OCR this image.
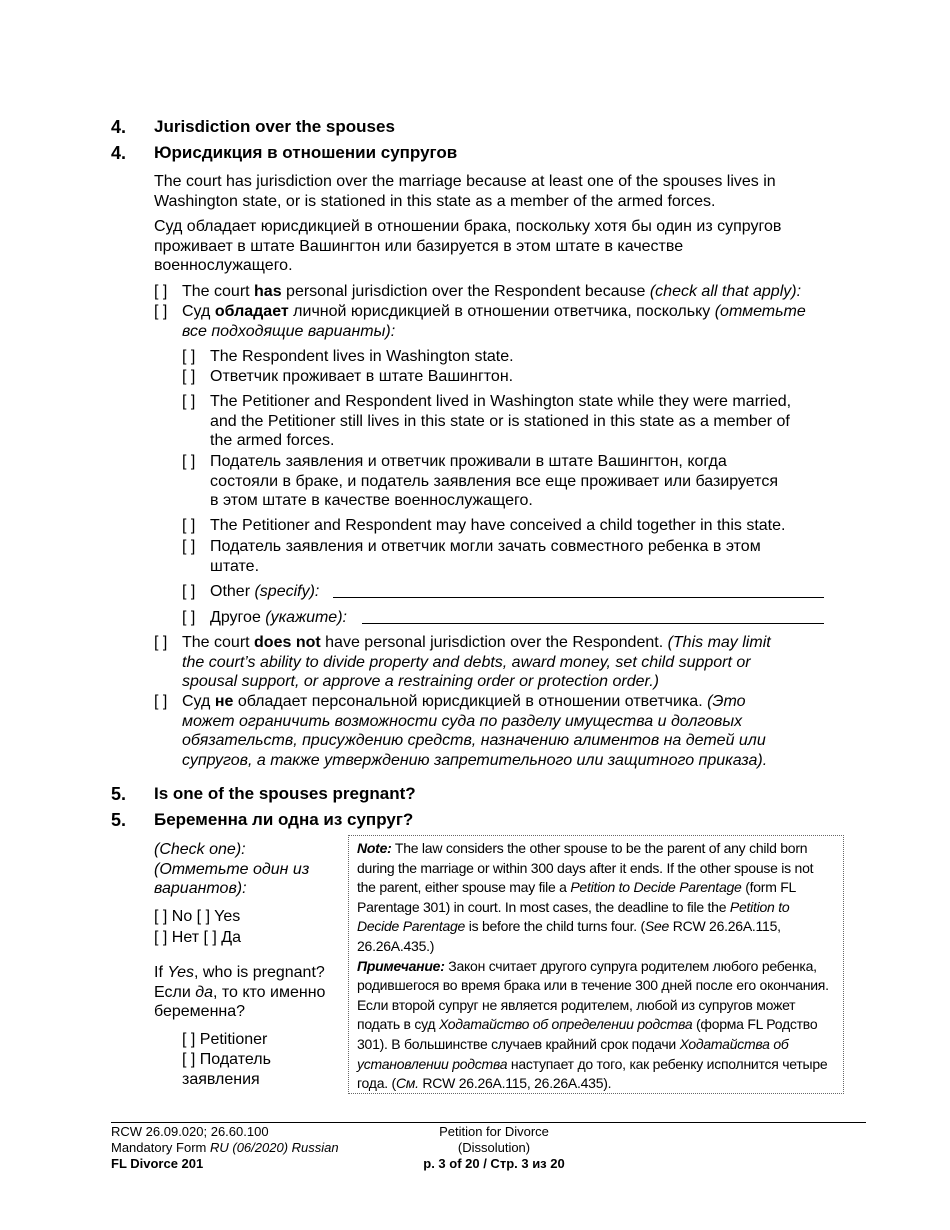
4. Jurisdiction over the spouses
4. Юрисдикция в отношении супругов
The court has jurisdiction over the marriage because at least one of the spouses lives in
Washington state, or is stationed in this state as a member of the armed forces.
Суд обладает юрисдикцией в отношении брака, поскольку хотя бы один из супругов
проживает в штате Вашингтон или базируется в этом штате в качестве
военнослужащего.
[ ] The court has personal jurisdiction over the Respondent because (check all that apply):
[ ] Суд обладает личной юрисдикцией в отношении ответчика, поскольку (отметьте
все подходящие варианты):
[ ] The Respondent lives in Washington state.
[ ] Ответчик проживает в штате Вашингтон.
[ ] The Petitioner and Respondent lived in Washington state while they were married,
and the Petitioner still lives in this state or is stationed in this state as a member of
the armed forces.
[ ] Податель заявления и ответчик проживали в штате Вашингтон, когда
состояли в браке, и податель заявления все еще проживает или базируется
в этом штате в качестве военнослужащего.
[ ] The Petitioner and Respondent may have conceived a child together in this state.
[ ] Податель заявления и ответчик могли зачать совместного ребенка в этом
штате.
[ ] Other (specify):
[ ] Другое (укажите):
[ ] The court does not have personal jurisdiction over the Respondent. (This may limit
the court’s ability to divide property and debts, award money, set child support or
spousal support, or approve a restraining order or protection order.)
[ ] Суд не обладает персональной юрисдикцией в отношении ответчика. (Это
может ограничить возможности суда по разделу имущества и долговых
обязательств, присуждению средств, назначению алиментов на детей или
супругов, а также утверждению запретительного или защитного приказа).
5. Is one of the spouses pregnant?
5. Беременна ли одна из супруг?
(Check one):
(Отметьте один из
вариантов):
[ ] No [ ] Yes
[ ] Нет [ ] Да
If Yes, who is pregnant?
Если да, то кто именно
беременна?
[ ] Petitioner
[ ] Податель
заявления

Note: The law considers the other spouse to be the parent of any child born during the marriage or within 300 days after it ends. If the other spouse is not the parent, either spouse may file a Petition to Decide Parentage (form FL Parentage 301) in court. In most cases, the deadline to file the Petition to Decide Parentage is before the child turns four. (See RCW 26.26A.115, 26.26A.435.)

Примечание: Закон считает другого супруга родителем любого ребенка, родившегося во время брака или в течение 300 дней после его окончания. Если второй супруг не является родителем, любой из супругов может подать в суд Ходатайство об определении родства (форма FL Родство 301). В большинстве случаев крайний срок подачи Ходатайства об установлении родства наступает до того, как ребенку исполнится четыре года. (См. RCW 26.26A.115, 26.26A.435).

RCW 26.09.020; 26.60.100
Mandatory Form RU (06/2020) Russian
FL Divorce 201
Petition for Divorce
(Dissolution)
p. 3 of 20 / Стр. 3 из 20
